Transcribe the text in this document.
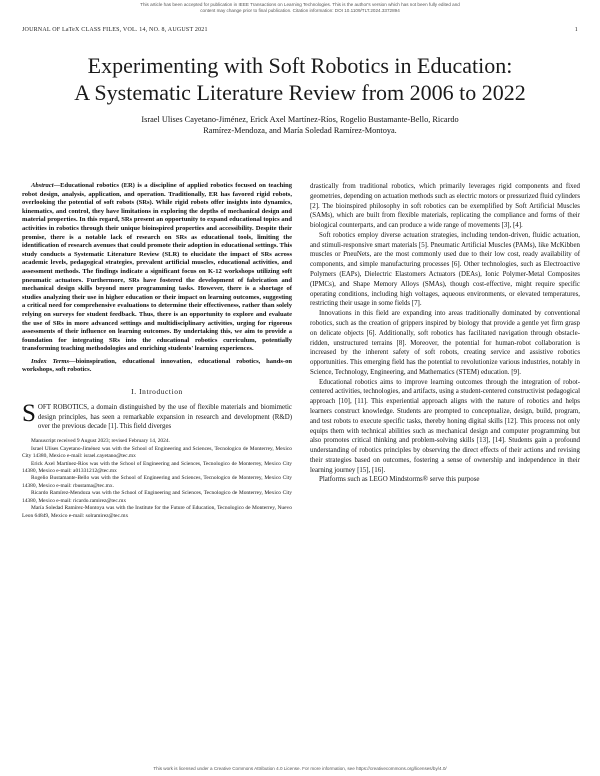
This article has been accepted for publication in IEEE Transactions on Learning Technologies. This is the author's version which has not been fully edited and
content may change prior to final publication. Citation information: DOI 10.1109/TLT.2024.3372894
JOURNAL OF LaTeX CLASS FILES, VOL. 14, NO. 8, AUGUST 2021	1
Experimenting with Soft Robotics in Education:
A Systematic Literature Review from 2006 to 2022
Israel Ulises Cayetano-Jiménez, Erick Axel Martínez-Ríos, Rogelio Bustamante-Bello, Ricardo
Ramírez-Mendoza, and María Soledad Ramírez-Montoya.

Abstract—Educational robotics (ER) is a discipline of applied robotics focused on teaching robot design, analysis, application, and operation. Traditionally, ER has favored rigid robots, overlooking the potential of soft robots (SRs). While rigid robots offer insights into dynamics, kinematics, and control, they have limitations in exploring the depths of mechanical design and material properties. In this regard, SRs present an opportunity to expand educational topics and activities in robotics through their unique bioinspired properties and accessibility. Despite their promise, there is a notable lack of research on SRs as educational tools, limiting the identification of research avenues that could promote their adoption in educational settings. This study conducts a Systematic Literature Review (SLR) to elucidate the impact of SRs across academic levels, pedagogical strategies, prevalent artificial muscles, educational activities, and assessment methods. The findings indicate a significant focus on K-12 workshops utilizing soft pneumatic actuators. Furthermore, SRs have fostered the development of fabrication and mechanical design skills beyond mere programming tasks. However, there is a shortage of studies analyzing their use in higher education or their impact on learning outcomes, suggesting a critical need for comprehensive evaluations to determine their effectiveness, rather than solely relying on surveys for student feedback. Thus, there is an opportunity to explore and evaluate the use of SRs in more advanced settings and multidisciplinary activities, urging for rigorous assessments of their influence on learning outcomes. By undertaking this, we aim to provide a foundation for integrating SRs into the educational robotics curriculum, potentially transforming teaching methodologies and enriching students' learning experiences.

Index Terms—bioinspiration, educational innovation, educational robotics, hands-on workshops, soft robotics.

I. Introduction

SOFT ROBOTICS, a domain distinguished by the use of flexible materials and biomimetic design principles, has seen a remarkable expansion in research and development (R&D) over the previous decade [1]. This field diverges

Manuscript received 9 August 2023; revised February 14, 2024.

Israel Ulises Cayetano-Jiménez was with the School of Engineering and Sciences, Tecnologico de Monterrey, Mexico City 14380, Mexico e-mail: israel.cayetano@tec.mx

Erick Axel Martínez-Ríos was with the School of Engineering and Sciences, Tecnologico de Monterrey, Mexico City 14380, Mexico e-mail: a01331212@tec.mx

Rogelio Bustamante-Bello was with the School of Engineering and Sciences, Tecnologico de Monterrey, Mexico City 14380, Mexico e-mail: rbustama@tec.mx.

Ricardo Ramírez-Mendoza was with the School of Engineering and Sciences, Tecnologico de Monterrey, Mexico City 14380, Mexico e-mail: ricardo.ramirez@tec.mx

María Soledad Ramírez-Montoya was with the Institute for the Future of Education, Tecnologico de Monterrey, Nuevo Leon 64849, Mexico e-mail: solramirez@tec.mx

drastically from traditional robotics, which primarily leverages rigid components and fixed geometries, depending on actuation methods such as electric motors or pressurized fluid cylinders [2]. The bioinspired philosophy in soft robotics can be exemplified by Soft Artificial Muscles (SAMs), which are built from flexible materials, replicating the compliance and forms of their biological counterparts, and can produce a wide range of movements [3], [4].

Soft robotics employ diverse actuation strategies, including tendon-driven, fluidic actuation, and stimuli-responsive smart materials [5]. Pneumatic Artificial Muscles (PAMs), like McKibben muscles or PneuNets, are the most commonly used due to their low cost, ready availability of components, and simple manufacturing processes [6]. Other technologies, such as Electroactive Polymers (EAPs), Dielectric Elastomers Actuators (DEAs), Ionic Polymer-Metal Composites (IPMCs), and Shape Memory Alloys (SMAs), though cost-effective, might require specific operating conditions, including high voltages, aqueous environments, or elevated temperatures, restricting their usage in some fields [7].

Innovations in this field are expanding into areas traditionally dominated by conventional robotics, such as the creation of grippers inspired by biology that provide a gentle yet firm grasp on delicate objects [6]. Additionally, soft robotics has facilitated navigation through obstacle-ridden, unstructured terrains [8]. Moreover, the potential for human-robot collaboration is increased by the inherent safety of soft robots, creating service and assistive robotics opportunities. This emerging field has the potential to revolutionize various industries, notably in Science, Technology, Engineering, and Mathematics (STEM) education. [9].

Educational robotics aims to improve learning outcomes through the integration of robot-centered activities, technologies, and artifacts, using a student-centered constructivist pedagogical approach [10], [11]. This experiential approach aligns with the nature of robotics and helps learners construct knowledge. Students are prompted to conceptualize, design, build, program, and test robots to execute specific tasks, thereby honing digital skills [12]. This process not only equips them with technical abilities such as mechanical design and computer programming but also promotes critical thinking and problem-solving skills [13], [14]. Students gain a profound understanding of robotics principles by observing the direct effects of their actions and revising their strategies based on outcomes, fostering a sense of ownership and independence in their learning journey [15], [16].

Platforms such as LEGO Mindstorms® serve this purpose

This work is licensed under a Creative Commons Attribution 4.0 License. For more information, see https://creativecommons.org/licenses/by/4.0/
